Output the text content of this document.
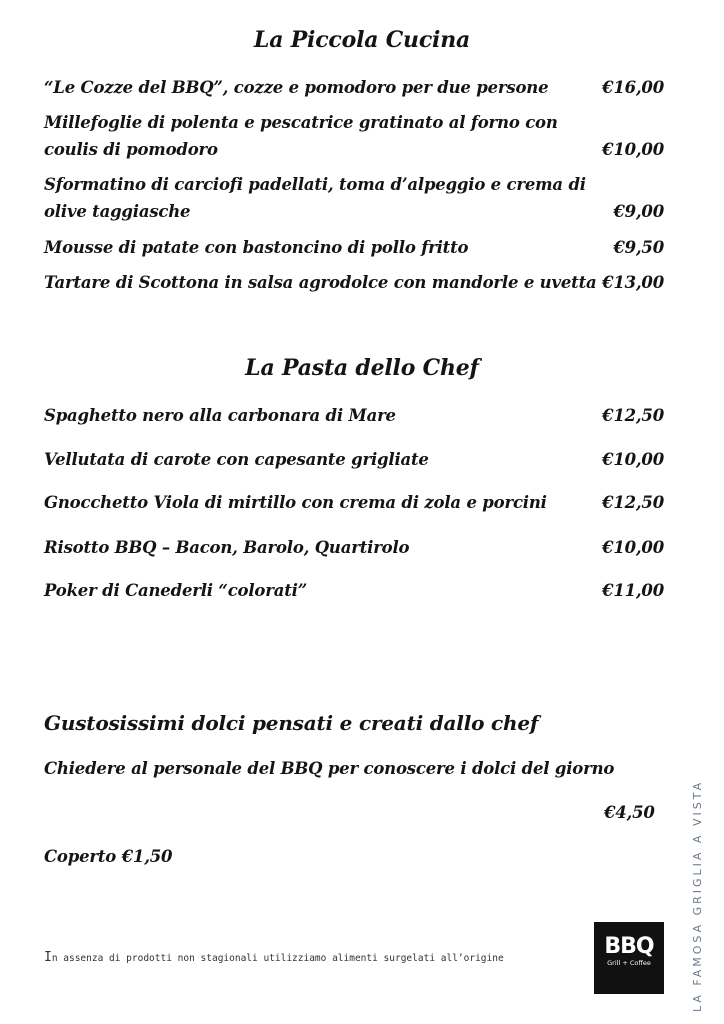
La Piccola Cucina
“Le Cozze del BBQ”, cozze e pomodoro per due persone	€16,00
Millefoglie di polenta e pescatrice gratinato al forno con coulis di pomodoro	€10,00
Sformatino di carciofi padellati, toma d’alpeggio e crema di olive taggiasche	€9,00
Mousse di patate con bastoncino di pollo fritto	€9,50
Tartare di Scottona in salsa agrodolce con mandorle e uvetta €13,00
La Pasta dello Chef
Spaghetto nero alla carbonara di Mare	€12,50
Vellutata di carote con capesante grigliate	€10,00
Gnocchetto Viola di mirtillo con crema di zola e porcini	€12,50
Risotto BBQ – Bacon, Barolo, Quartirolo	€10,00
Poker di Canederli “colorati”	€11,00
Gustosissimi dolci pensati e creati dallo chef
Chiedere al personale del BBQ per conoscere i dolci del giorno
€4,50
Coperto €1,50
In assenza di prodotti non stagionali utilizziamo alimenti surgelati all’origine	BBQ
Grill + Coffee	LA FAMOSA GRIGLIA A VISTA
